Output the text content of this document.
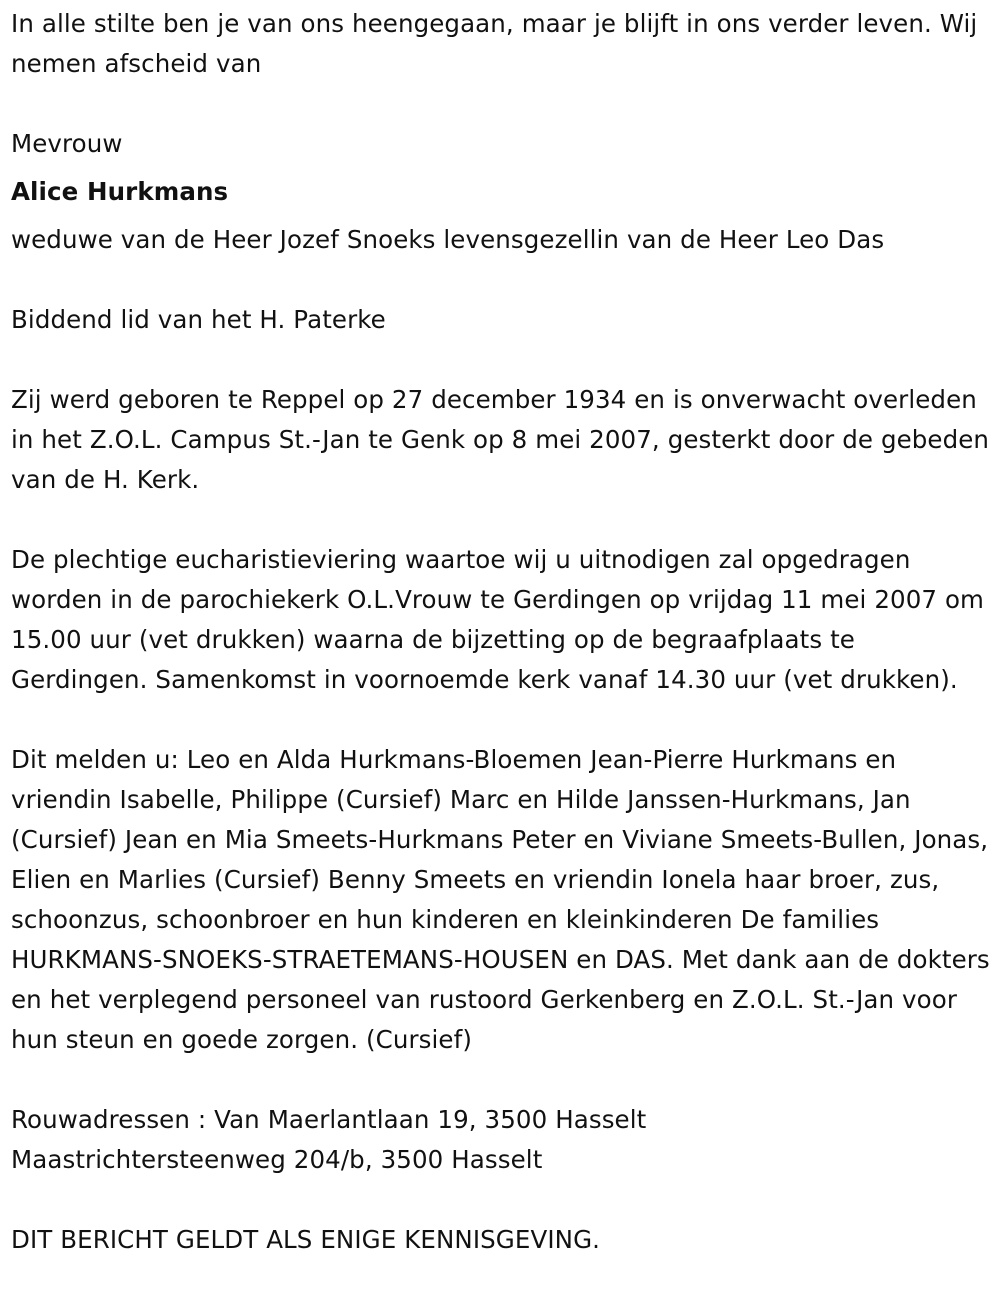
In alle stilte ben je van ons heengegaan, maar je blijft in ons verder leven. Wij nemen afscheid van

Mevrouw

Alice Hurkmans

weduwe van de Heer Jozef Snoeks levensgezellin van de Heer Leo Das

Biddend lid van het H. Paterke

Zij werd geboren te Reppel op 27 december 1934 en is onverwacht overleden in het Z.O.L. Campus St.-Jan te Genk op 8 mei 2007, gesterkt door de gebeden van de H. Kerk.

De plechtige eucharistieviering waartoe wij u uitnodigen zal opgedragen worden in de parochiekerk O.L.Vrouw te Gerdingen op vrijdag 11 mei 2007 om 15.00 uur (vet drukken) waarna de bijzetting op de begraafplaats te Gerdingen. Samenkomst in voornoemde kerk vanaf 14.30 uur (vet drukken).

Dit melden u: Leo en Alda Hurkmans-Bloemen Jean-Pierre Hurkmans en vriendin Isabelle, Philippe (Cursief) Marc en Hilde Janssen-Hurkmans, Jan (Cursief) Jean en Mia Smeets-Hurkmans Peter en Viviane Smeets-Bullen, Jonas, Elien en Marlies (Cursief) Benny Smeets en vriendin Ionela haar broer, zus, schoonzus, schoonbroer en hun kinderen en kleinkinderen De families HURKMANS-SNOEKS-STRAETEMANS-HOUSEN en DAS. Met dank aan de dokters en het verplegend personeel van rustoord Gerkenberg en Z.O.L. St.-Jan voor hun steun en goede zorgen. (Cursief)

Rouwadressen : Van Maerlantlaan 19, 3500 Hasselt

Maastrichtersteenweg 204/b, 3500 Hasselt

DIT BERICHT GELDT ALS ENIGE KENNISGEVING.
